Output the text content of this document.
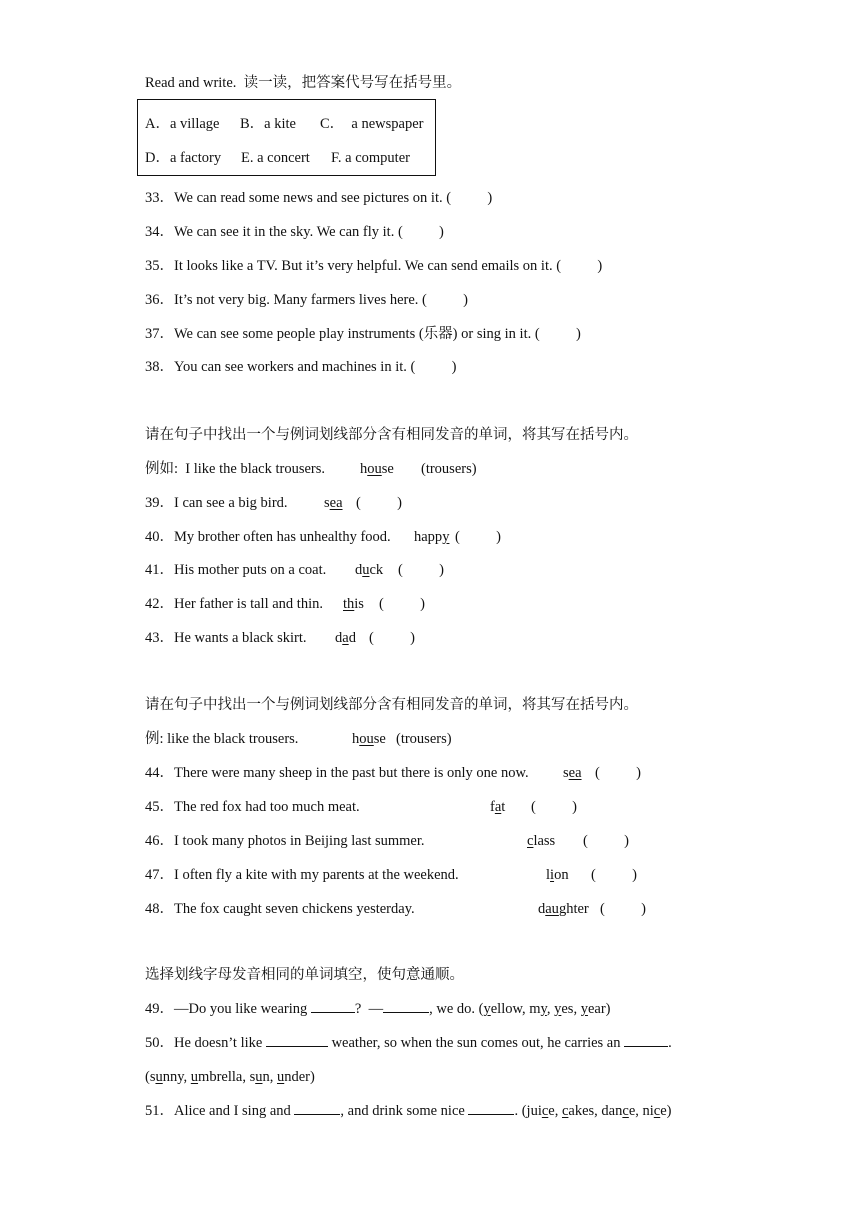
Read and write.  读一读，把答案代号写在括号里。
A．a village B．a kite C．  a newspaper
D．a factory E. a concert F. a computer
33．We can read some news and see pictures on it. (	)
34．We can see it in the sky. We can fly it. (	)
35．It looks like a TV. But it’s very helpful. We can send emails on it. (	)
36．It’s not very big. Many farmers lives here. (	)
37．We can see some people play instruments (乐器) or sing in it. (	)
38．You can see workers and machines in it. (	)
请在句子中找出一个与例词划线部分含有相同发音的单词，将其写在括号内。
例如:  I like the black trousers. house (trousers)
39．I can see a big bird.	sea (          )
40．My brother often has unhealthy food. happy (          )
41．His mother puts on a coat. duck (          )
42．Her father is tall and thin. this (          )
43．He wants a black skirt. dad (          )
请在句子中找出一个与例词划线部分含有相同发音的单词，将其写在括号内。
例: like the black trousers.	house (trousers)
44．There were many sheep in the past but there is only one now. sea (          )
45．The red fox had too much meat.	fat (          )
46．I took many photos in Beijing last summer.	class (          )
47．I often fly a kite with my parents at the weekend.	lion (          )
48．The fox caught seven chickens yesterday.	daughter (          )
选择划线字母发音相同的单词填空，使句意通顺。
49．—Do you like wearing	?  —	, we do. (yellow, my, yes, year)
50．He doesn’t like	weather, so when the sun comes out, he carries an	.
(sunny, umbrella, sun, under)
51．Alice and I sing and	, and drink some nice	. (juice, cakes, dance, nice)
